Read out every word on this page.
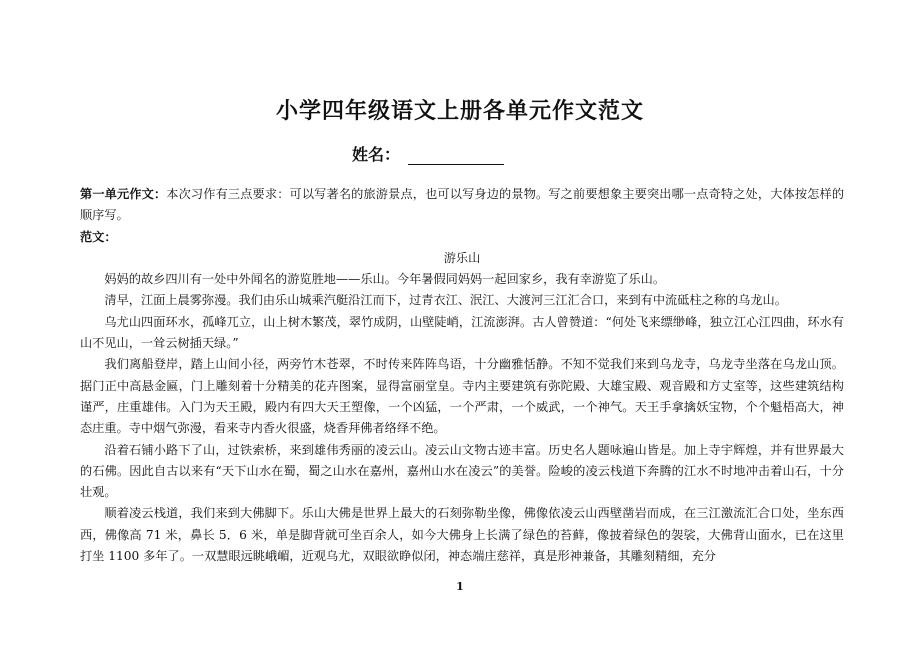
小学四年级语文上册各单元作文范文
姓名：

第一单元作文：本次习作有三点要求：可以写著名的旅游景点，也可以写身边的景物。写之前要想象主要突出哪一点奇特之处，大体按怎样的顺序写。

范文：

游乐山

妈妈的故乡四川有一处中外闻名的游览胜地——乐山。今年暑假同妈妈一起回家乡，我有幸游览了乐山。

清早，江面上晨雾弥漫。我们由乐山城乘汽艇沿江而下，过青衣江、泯江、大渡河三江汇合口，来到有中流砥柱之称的乌龙山。

乌尤山四面环水，孤峰兀立，山上树木繁茂，翠竹成阴，山壁陡峭，江流澎湃。古人曾赞道：“何处飞来缥缈峰，独立江心江四曲，环水有山不见山，一耸云树插天绿。”

我们离船登岸，踏上山间小径，两旁竹木苍翠，不时传来阵阵鸟语，十分幽雅恬静。不知不觉我们来到乌龙寺，乌龙寺坐落在乌龙山顶。据门正中高悬金匾，门上雕刻着十分精美的花卉图案，显得富丽堂皇。寺内主要建筑有弥陀殿、大雄宝殿、观音殿和方丈室等，这些建筑结构谨严，庄重雄伟。入门为天王殿，殿内有四大天王塑像，一个凶猛，一个严肃，一个威武，一个神气。天王手拿擒妖宝物，个个魁梧高大，神态庄重。寺中烟气弥漫，看来寺内香火很盛，烧香拜佛者络绎不绝。

沿着石铺小路下了山，过铁索桥，来到雄伟秀丽的凌云山。凌云山文物古迹丰富。历史名人题咏遍山皆是。加上寺宇辉煌，并有世界最大的石佛。因此自古以来有“天下山水在蜀，蜀之山水在嘉州，嘉州山水在凌云”的美誉。险峻的凌云栈道下奔腾的江水不时地冲击着山石，十分壮观。

顺着凌云栈道，我们来到大佛脚下。乐山大佛是世界上最大的石刻弥勒坐像，佛像依凌云山西壁凿岩而成，在三江激流汇合口处，坐东西西，佛像高 71 米，鼻长 5．6 米，单是脚背就可坐百余人，如今大佛身上长满了绿色的苔藓，像披着绿色的袈裟，大佛背山面水，已在这里打坐 1100 多年了。一双慧眼远眺峨嵋，近观乌尤，双眼欲睁似闭，神态端庄慈祥，真是形神兼备，其雕刻精细，充分

1
